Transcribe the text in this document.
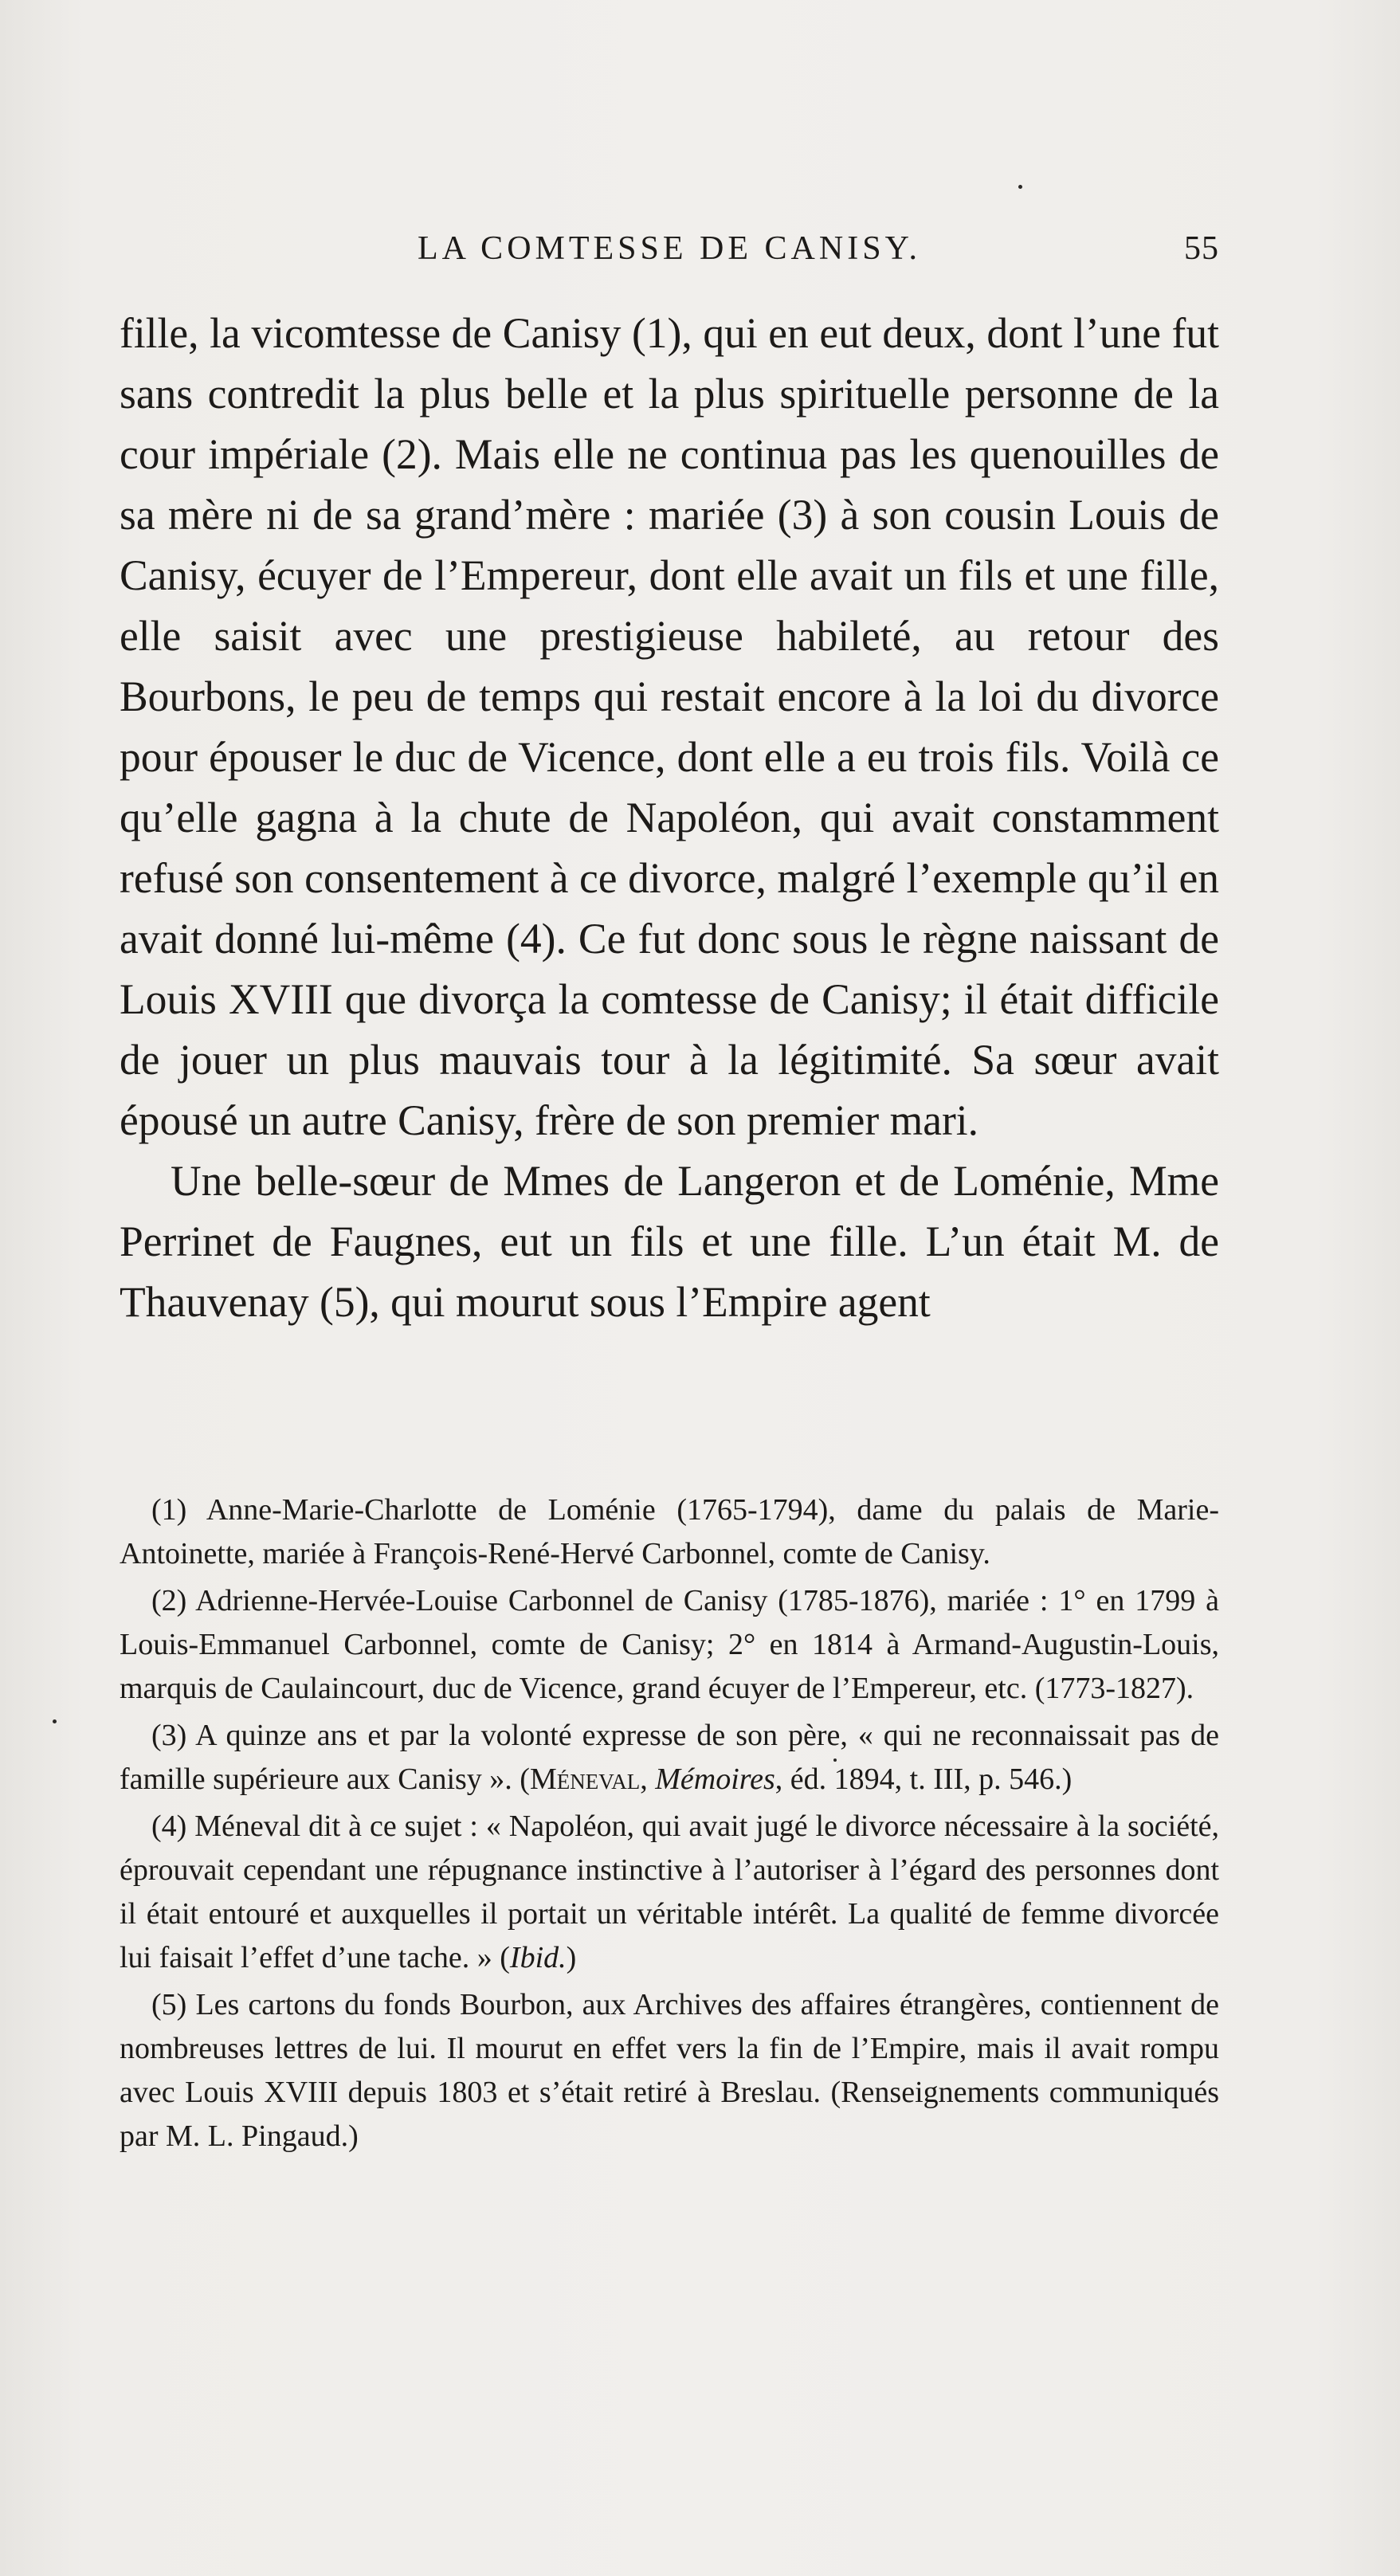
LA COMTESSE DE CANISY.	55

fille, la vicomtesse de Canisy (1), qui en eut deux, dont l’une fut sans contredit la plus belle et la plus spirituelle personne de la cour impériale (2). Mais elle ne continua pas les quenouilles de sa mère ni de sa grand’mère : mariée (3) à son cousin Louis de Canisy, écuyer de l’Empereur, dont elle avait un fils et une fille, elle saisit avec une prestigieuse habileté, au retour des Bourbons, le peu de temps qui restait encore à la loi du divorce pour épouser le duc de Vicence, dont elle a eu trois fils. Voilà ce qu’elle gagna à la chute de Napoléon, qui avait constamment refusé son consentement à ce divorce, malgré l’exemple qu’il en avait donné lui-même (4). Ce fut donc sous le règne naissant de Louis XVIII que divorça la comtesse de Canisy; il était difficile de jouer un plus mauvais tour à la légitimité. Sa sœur avait épousé un autre Canisy, frère de son premier mari.

Une belle-sœur de Mmes de Langeron et de Loménie, Mme Perrinet de Faugnes, eut un fils et une fille. L’un était M. de Thauvenay (5), qui mourut sous l’Empire agent

(1) Anne-Marie-Charlotte de Loménie (1765-1794), dame du palais de Marie-Antoinette, mariée à François-René-Hervé Carbonnel, comte de Canisy.

(2) Adrienne-Hervée-Louise Carbonnel de Canisy (1785-1876), mariée : 1° en 1799 à Louis-Emmanuel Carbonnel, comte de Canisy; 2° en 1814 à Armand-Augustin-Louis, marquis de Caulaincourt, duc de Vicence, grand écuyer de l’Empereur, etc. (1773-1827).

(3) A quinze ans et par la volonté expresse de son père, « qui ne reconnaissait pas de famille supérieure aux Canisy ». (Méneval, Mémoires, éd. 1894, t. III, p. 546.)

(4) Méneval dit à ce sujet : « Napoléon, qui avait jugé le divorce nécessaire à la société, éprouvait cependant une répugnance instinctive à l’autoriser à l’égard des personnes dont il était entouré et auxquelles il portait un véritable intérêt. La qualité de femme divorcée lui faisait l’effet d’une tache. » (Ibid.)

(5) Les cartons du fonds Bourbon, aux Archives des affaires étrangères, contiennent de nombreuses lettres de lui. Il mourut en effet vers la fin de l’Empire, mais il avait rompu avec Louis XVIII depuis 1803 et s’était retiré à Breslau. (Renseignements communiqués par M. L. Pingaud.)
